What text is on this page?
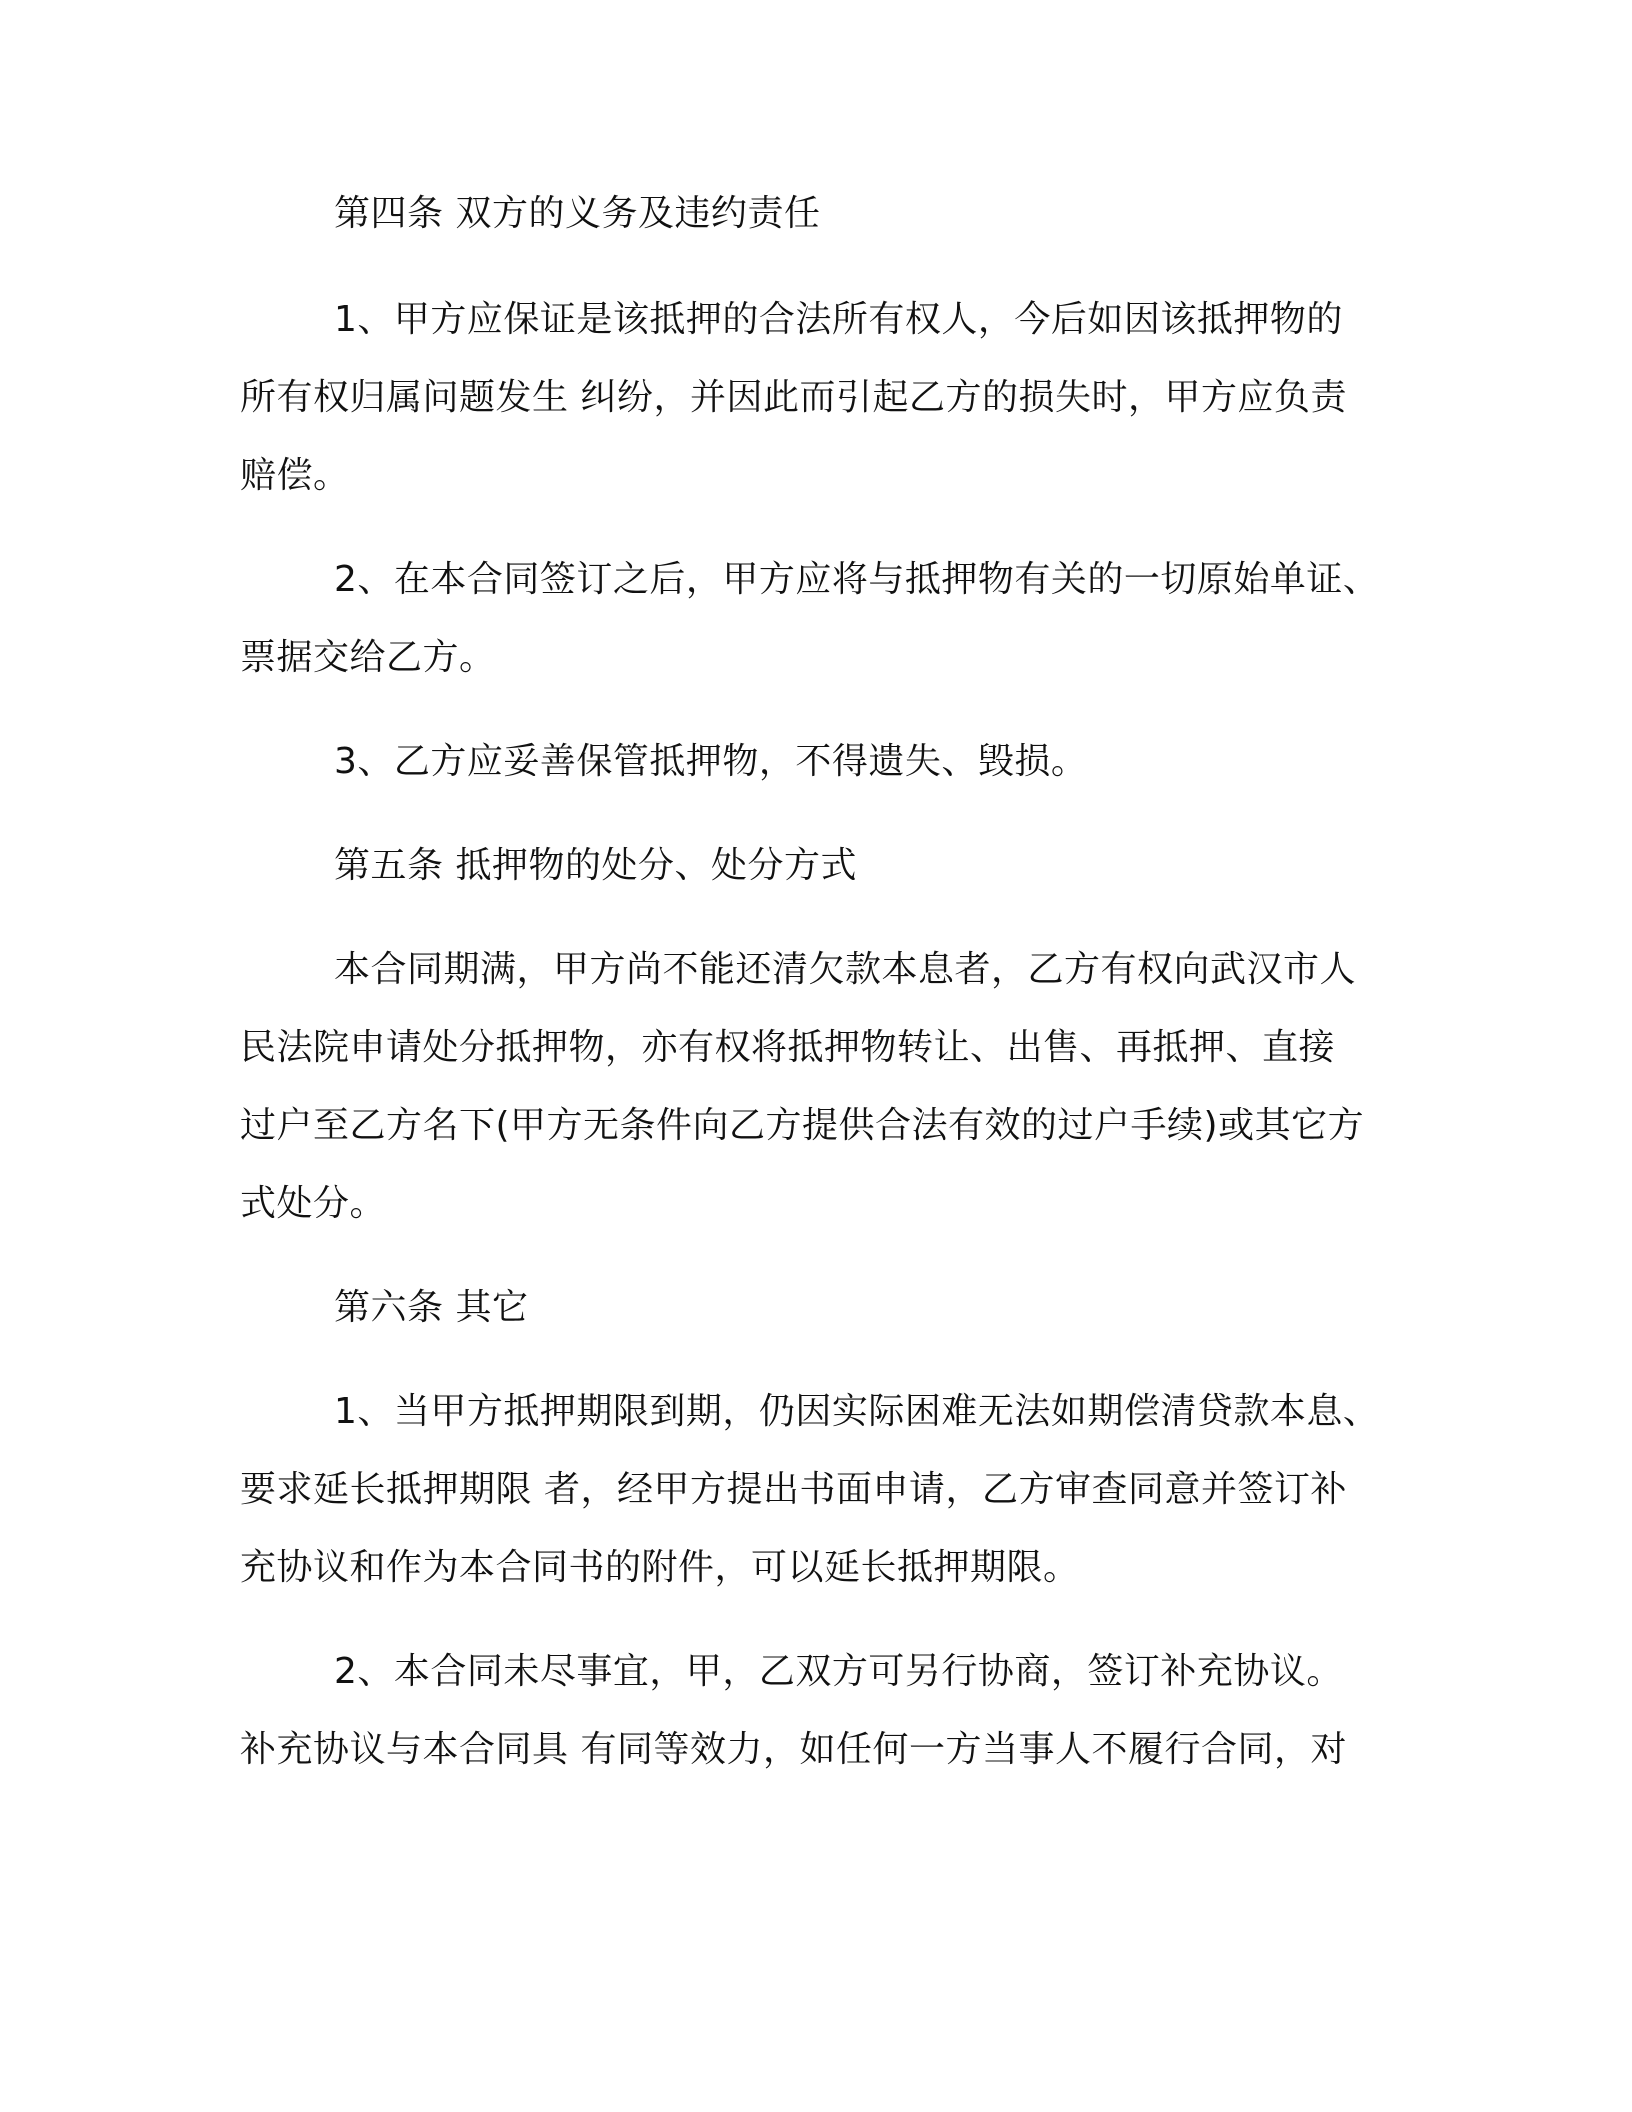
第四条 双方的义务及违约责任
1、甲方应保证是该抵押的合法所有权人，今后如因该抵押物的
所有权归属问题发生 纠纷，并因此而引起乙方的损失时，甲方应负责
赔偿。
2、在本合同签订之后，甲方应将与抵押物有关的一切原始单证、
票据交给乙方。
3、乙方应妥善保管抵押物，不得遗失、毁损。
第五条 抵押物的处分、处分方式
本合同期满，甲方尚不能还清欠款本息者，乙方有权向武汉市人
民法院申请处分抵押物，亦有权将抵押物转让、出售、再抵押、直接
过户至乙方名下(甲方无条件向乙方提供合法有效的过户手续)或其它方
式处分。
第六条 其它
1、当甲方抵押期限到期，仍因实际困难无法如期偿清贷款本息、
要求延长抵押期限 者，经甲方提出书面申请，乙方审查同意并签订补
充协议和作为本合同书的附件，可以延长抵押期限。
2、本合同未尽事宜，甲，乙双方可另行协商，签订补充协议。
补充协议与本合同具 有同等效力，如任何一方当事人不履行合同，对
